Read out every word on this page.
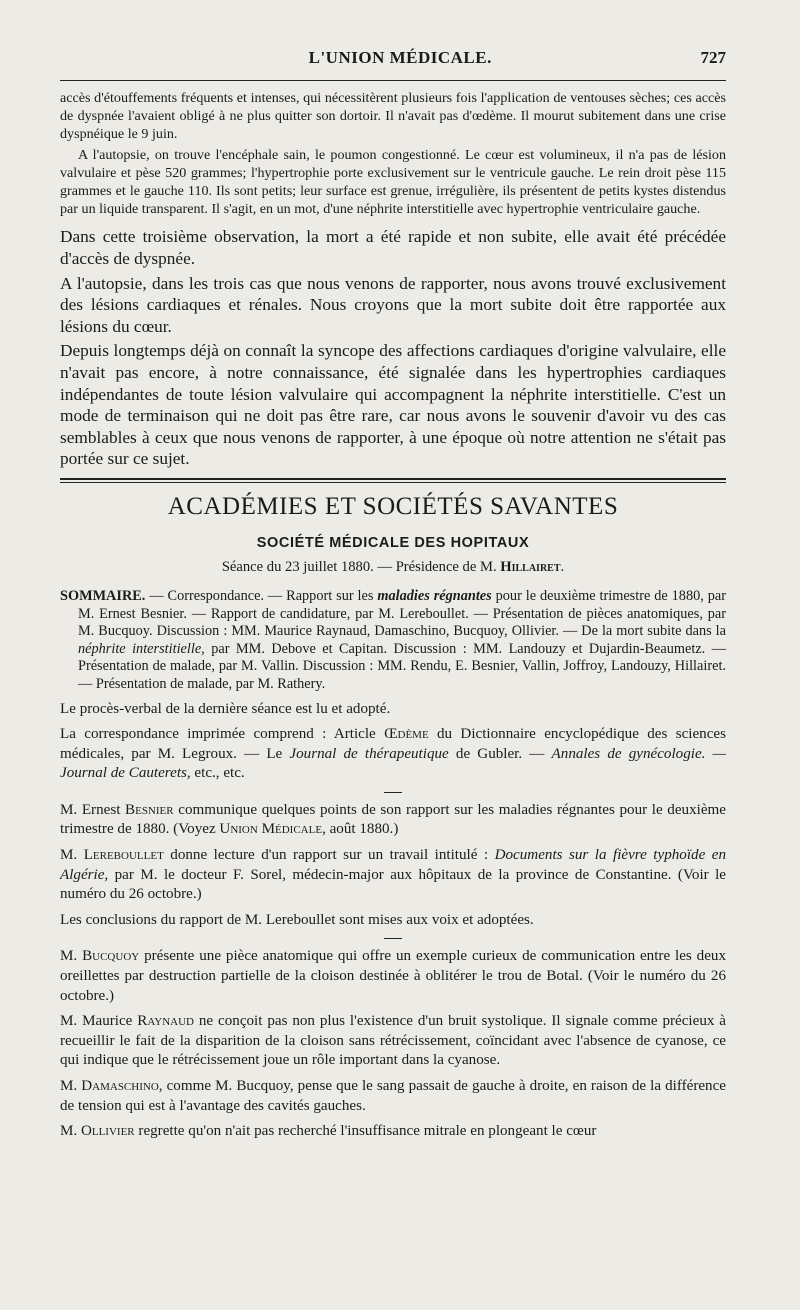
L'UNION MÉDICALE.	727

accès d'étouffements fréquents et intenses, qui nécessitèrent plusieurs fois l'application de ventouses sèches; ces accès de dyspnée l'avaient obligé à ne plus quitter son dortoir. Il n'avait pas d'œdème. Il mourut subitement dans une crise dyspnéique le 9 juin.

A l'autopsie, on trouve l'encéphale sain, le poumon congestionné. Le cœur est volumineux, il n'a pas de lésion valvulaire et pèse 520 grammes; l'hypertrophie porte exclusivement sur le ventricule gauche. Le rein droit pèse 115 grammes et le gauche 110. Ils sont petits; leur surface est grenue, irrégulière, ils présentent de petits kystes distendus par un liquide transparent. Il s'agit, en un mot, d'une néphrite interstitielle avec hypertrophie ventriculaire gauche.

Dans cette troisième observation, la mort a été rapide et non subite, elle avait été précédée d'accès de dyspnée.

A l'autopsie, dans les trois cas que nous venons de rapporter, nous avons trouvé exclusivement des lésions cardiaques et rénales. Nous croyons que la mort subite doit être rapportée aux lésions du cœur.

Depuis longtemps déjà on connaît la syncope des affections cardiaques d'origine valvulaire, elle n'avait pas encore, à notre connaissance, été signalée dans les hypertrophies cardiaques indépendantes de toute lésion valvulaire qui accompagnent la néphrite interstitielle. C'est un mode de terminaison qui ne doit pas être rare, car nous avons le souvenir d'avoir vu des cas semblables à ceux que nous venons de rapporter, à une époque où notre attention ne s'était pas portée sur ce sujet.

ACADÉMIES ET SOCIÉTÉS SAVANTES
SOCIÉTÉ MÉDICALE DES HOPITAUX
Séance du 23 juillet 1880. — Présidence de M. Hillairet.

SOMMAIRE. — Correspondance. — Rapport sur les maladies régnantes pour le deuxième trimestre de 1880, par M. Ernest Besnier. — Rapport de candidature, par M. Lereboullet. — Présentation de pièces anatomiques, par M. Bucquoy. Discussion : MM. Maurice Raynaud, Damaschino, Bucquoy, Ollivier. — De la mort subite dans la néphrite interstitielle, par MM. Debove et Capitan. Discussion : MM. Landouzy et Dujardin-Beaumetz. — Présentation de malade, par M. Vallin. Discussion : MM. Rendu, E. Besnier, Vallin, Joffroy, Landouzy, Hillairet. — Présentation de malade, par M. Rathery.

Le procès-verbal de la dernière séance est lu et adopté.

La correspondance imprimée comprend : Article Œdème du Dictionnaire encyclopédique des sciences médicales, par M. Legroux. — Le Journal de thérapeutique de Gubler. — Annales de gynécologie. — Journal de Cauterets, etc., etc.

M. Ernest Besnier communique quelques points de son rapport sur les maladies régnantes pour le deuxième trimestre de 1880. (Voyez Union Médicale, août 1880.)

M. Lereboullet donne lecture d'un rapport sur un travail intitulé : Documents sur la fièvre typhoïde en Algérie, par M. le docteur F. Sorel, médecin-major aux hôpitaux de la province de Constantine. (Voir le numéro du 26 octobre.)

Les conclusions du rapport de M. Lereboullet sont mises aux voix et adoptées.

M. Bucquoy présente une pièce anatomique qui offre un exemple curieux de communication entre les deux oreillettes par destruction partielle de la cloison destinée à oblitérer le trou de Botal. (Voir le numéro du 26 octobre.)

M. Maurice Raynaud ne conçoit pas non plus l'existence d'un bruit systolique. Il signale comme précieux à recueillir le fait de la disparition de la cloison sans rétrécissement, coïncidant avec l'absence de cyanose, ce qui indique que le rétrécissement joue un rôle important dans la cyanose.

M. Damaschino, comme M. Bucquoy, pense que le sang passait de gauche à droite, en raison de la différence de tension qui est à l'avantage des cavités gauches.

M. Ollivier regrette qu'on n'ait pas recherché l'insuffisance mitrale en plongeant le cœur
